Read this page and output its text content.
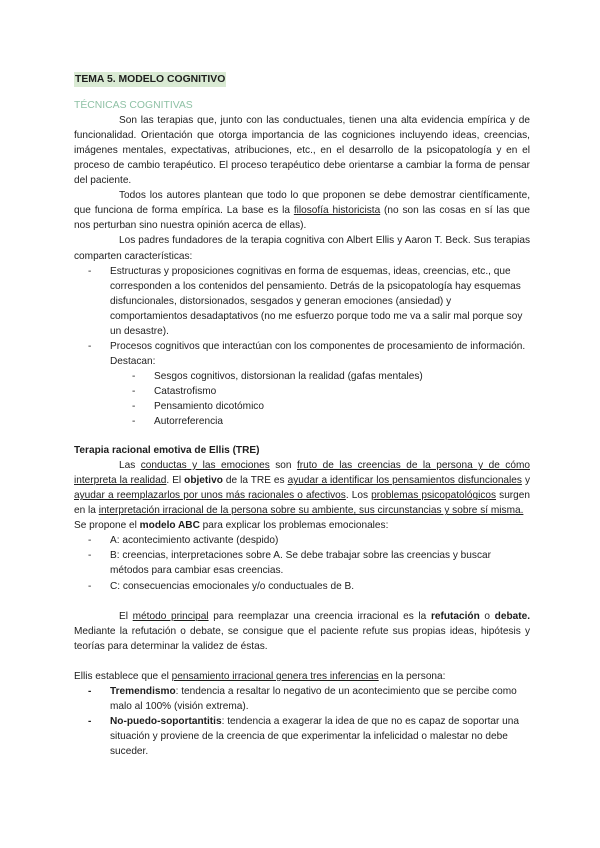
TEMA 5. MODELO COGNITIVO
TÉCNICAS COGNITIVAS

Son las terapias que, junto con las conductuales, tienen una alta evidencia empírica y de funcionalidad. Orientación que otorga importancia de las cogniciones incluyendo ideas, creencias, imágenes mentales, expectativas, atribuciones, etc., en el desarrollo de la psicopatología y en el proceso de cambio terapéutico. El proceso terapéutico debe orientarse a cambiar la forma de pensar del paciente.

Todos los autores plantean que todo lo que proponen se debe demostrar científicamente, que funciona de forma empírica. La base es la filosofía historicista (no son las cosas en sí las que nos perturban sino nuestra opinión acerca de ellas).

Los padres fundadores de la terapia cognitiva con Albert Ellis y Aaron T. Beck. Sus terapias comparten características:

- Estructuras y proposiciones cognitivas en forma de esquemas, ideas, creencias, etc., que corresponden a los contenidos del pensamiento. Detrás de la psicopatología hay esquemas disfuncionales, distorsionados, sesgados y generan emociones (ansiedad) y comportamientos desadaptativos (no me esfuerzo porque todo me va a salir mal porque soy un desastre).
- Procesos cognitivos que interactúan con los componentes de procesamiento de información. Destacan:
- Sesgos cognitivos, distorsionan la realidad (gafas mentales)
- Catastrofismo
- Pensamiento dicotómico
- Autorreferencia
Terapia racional emotiva de Ellis (TRE)

Las conductas y las emociones son fruto de las creencias de la persona y de cómo interpreta la realidad. El objetivo de la TRE es ayudar a identificar los pensamientos disfuncionales y ayudar a reemplazarlos por unos más racionales o afectivos. Los problemas psicopatológicos surgen en la interpretación irracional de la persona sobre su ambiente, sus circunstancias y sobre sí misma.

Se propone el modelo ABC para explicar los problemas emocionales:

- A: acontecimiento activante (despido)
- B: creencias, interpretaciones sobre A. Se debe trabajar sobre las creencias y buscar métodos para cambiar esas creencias.
- C: consecuencias emocionales y/o conductuales de B.

El método principal para reemplazar una creencia irracional es la refutación o debate. Mediante la refutación o debate, se consigue que el paciente refute sus propias ideas, hipótesis y teorías para determinar la validez de éstas.

Ellis establece que el pensamiento irracional genera tres inferencias en la persona:

- Tremendismo: tendencia a resaltar lo negativo de un acontecimiento que se percibe como malo al 100% (visión extrema).
- No-puedo-soportantitis: tendencia a exagerar la idea de que no es capaz de soportar una situación y proviene de la creencia de que experimentar la infelicidad o malestar no debe suceder.
